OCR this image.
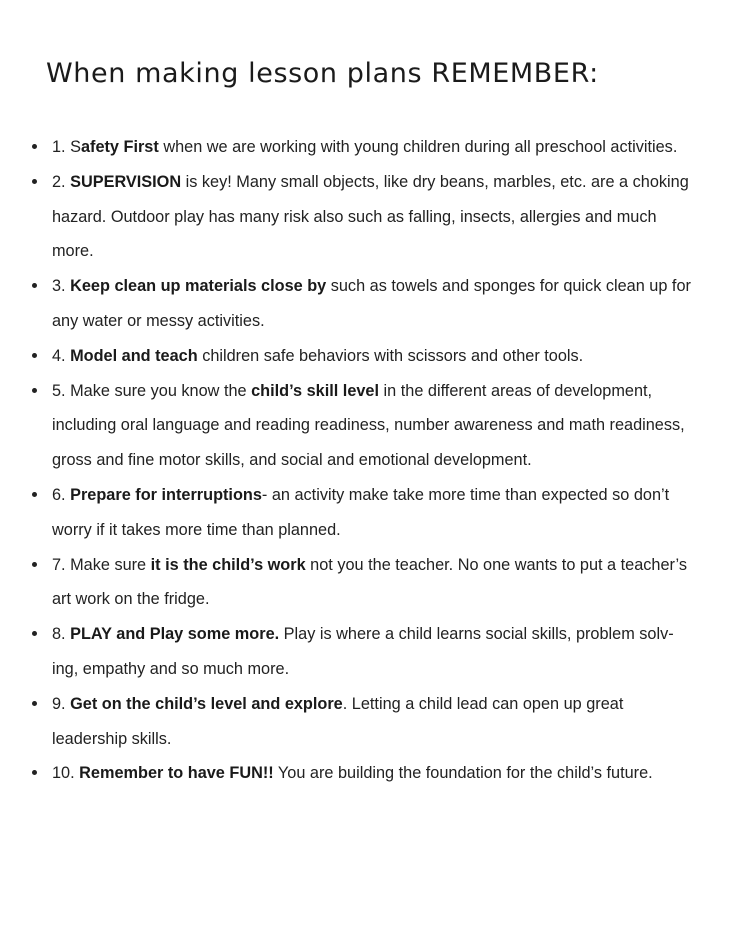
When making lesson plans REMEMBER:
1. Safety First when we are working with young children during all preschool activities.
2. SUPERVISION is key! Many small objects, like dry beans, marbles, etc. are a choking hazard. Outdoor play has many risk also such as falling, insects, allergies and much more.
3. Keep clean up materials close by such as towels and sponges for quick clean up for any water or messy activities.
4. Model and teach children safe behaviors with scissors and other tools.
5. Make sure you know the child’s skill level in the different areas of development, including oral language and reading readiness, number awareness and math readiness, gross and fine motor skills, and social and emotional development.
6. Prepare for interruptions- an activity make take more time than expected so don’t worry if it takes more time than planned.
7. Make sure it is the child’s work not you the teacher. No one wants to put a teacher’s art work on the fridge.
8. PLAY and Play some more. Play is where a child learns social skills, problem solv- ing, empathy and so much more.
9. Get on the child’s level and explore. Letting a child lead can open up great leadership skills.
10. Remember to have FUN!! You are building the foundation for the child’s future.
